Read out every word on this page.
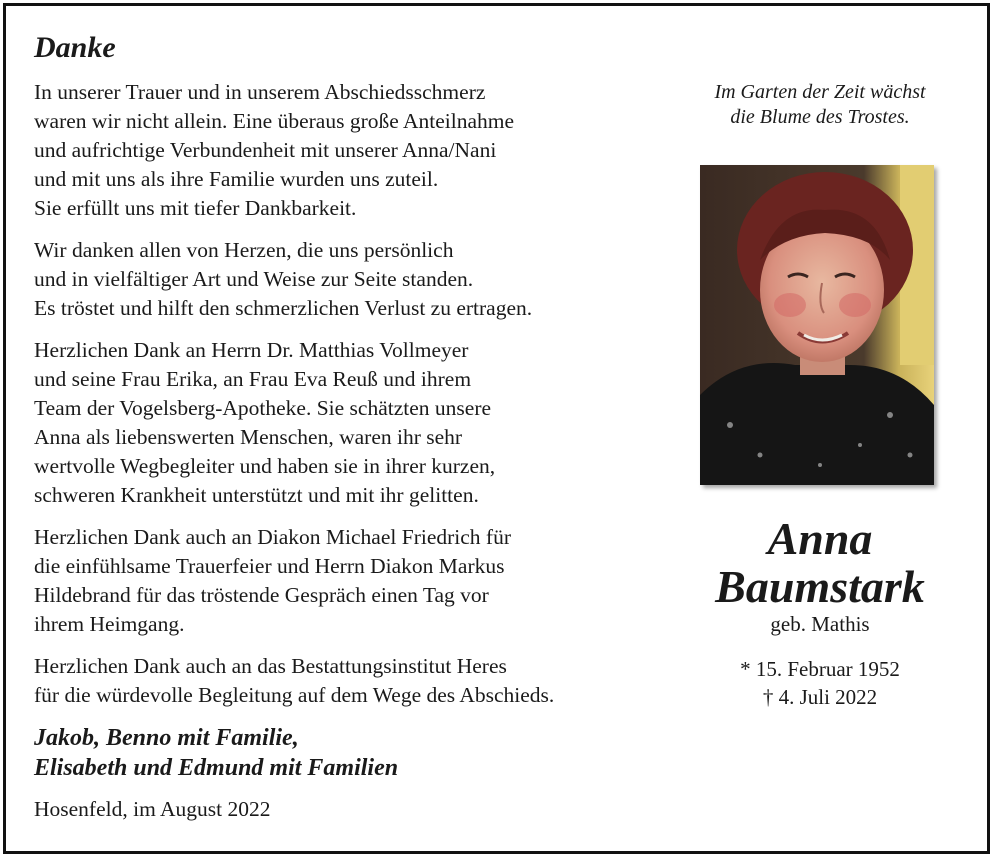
Danke
In unserer Trauer und in unserem Abschiedsschmerz
waren wir nicht allein. Eine überaus große Anteilnahme
und aufrichtige Verbundenheit mit unserer Anna/Nani
und mit uns als ihre Familie wurden uns zuteil.
Sie erfüllt uns mit tiefer Dankbarkeit.
Wir danken allen von Herzen, die uns persönlich
und in vielfältiger Art und Weise zur Seite standen.
Es tröstet und hilft den schmerzlichen Verlust zu ertragen.
Herzlichen Dank an Herrn Dr. Matthias Vollmeyer
und seine Frau Erika, an Frau Eva Reuß und ihrem
Team der Vogelsberg-Apotheke. Sie schätzten unsere
Anna als liebenswerten Menschen, waren ihr sehr
wertvolle Wegbegleiter und haben sie in ihrer kurzen,
schweren Krankheit unterstützt und mit ihr gelitten.
Herzlichen Dank auch an Diakon Michael Friedrich für
die einfühlsame Trauerfeier und Herrn Diakon Markus
Hildebrand für das tröstende Gespräch einen Tag vor
ihrem Heimgang.
Herzlichen Dank auch an das Bestattungsinstitut Heres
für die würdevolle Begleitung auf dem Wege des Abschieds.
Jakob, Benno mit Familie,
Elisabeth und Edmund mit Familien
Hosenfeld, im August 2022
Im Garten der Zeit wächst
die Blume des Trostes.
Anna
Baumstark
geb. Mathis
* 15. Februar 1952
† 4. Juli 2022
